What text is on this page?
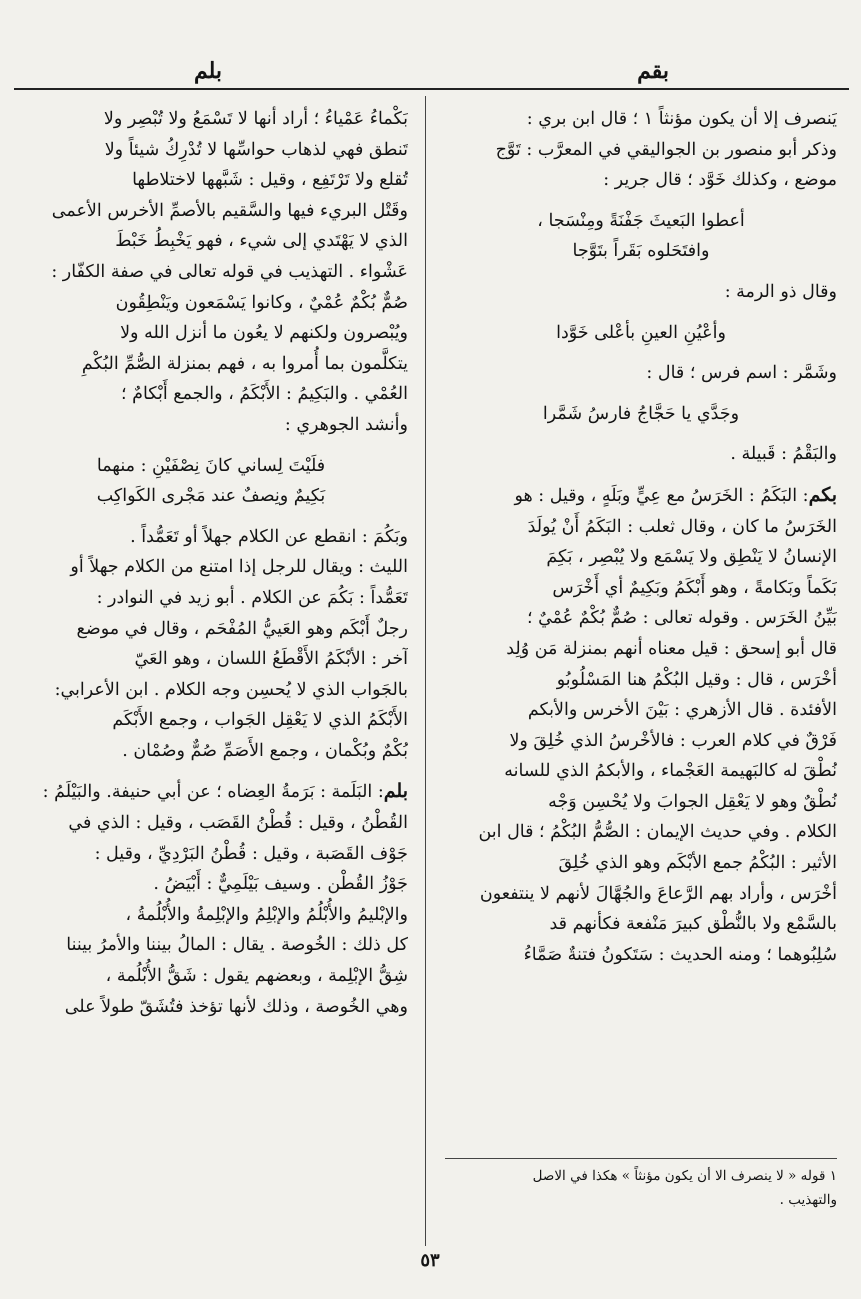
بقم
بلم

يَنصرف إلا أن يكون مؤنثاً ١ ؛ قال ابن بري :

وذكر أبو منصور بن الجواليقي في المعرَّب : تَوَّج

موضع ، وكذلك خَوَّد ؛ قال جرير :

أعطوا البَعيثَ جَفْنَةً ومِنْسَجا ،

وافتَحَلوه بَقَراً بتَوَّجا

وقال ذو الرمة :

وأعْيُنِ العينِ بأعْلى خَوَّدا

وشَمَّر : اسم فرس ؛ قال :

وجَدَّي يا حَجَّاجُ فارسُ شَمَّرا

والبَقْمُ : قَبيلة .

بكم: البَكَمُ : الخَرَسُ مع عِيٍّ وبَلَهٍ ، وقيل : هو

الخَرَسُ ما كان ، وقال ثعلب : البَكَمُ أَنْ يُولَدَ

الإنسانُ لا يَنْطِق ولا يَسْمَع ولا يُبْصِر ، بَكِمَ

بَكَماً وبَكامةً ، وهو أَبْكَمُ وبَكِيمٌ أي أَخْرَس

بَيِّنُ الخَرَس . وقوله تعالى : صُمٌّ بُكْمٌ عُمْيٌ ؛

قال أبو إسحق : قيل معناه أنهم بمنزلة مَن وُلِد

أخْرَس ، قال : وقيل البُكْمُ هنا المَسْلُوبُو

الأفئدة . قال الأزهري : بَيْنَ الأخرس والأبكم

فَرْقٌ في كلام العرب : فالأخْرسُ الذي خُلِقَ ولا

نُطْقَ له كالبَهيمة العَجْماء ، والأبكمُ الذي للسانه

نُطْقٌ وهو لا يَعْقِل الجوابَ ولا يُحْسِن وَجْه

الكلام . وفي حديث الإيمان : الصُّمُّ البُكْمُ ؛ قال ابن

الأثير : البُكْمُ جمع الأبْكَم وهو الذي خُلِقَ

أخْرَس ، وأراد بهم الرَّعاعَ والجُهَّالَ لأنهم لا ينتفعون

بالسَّمْع ولا بالنُّطْق كبيرَ مَنْفعة فكأنهم قد

سُلِبُوهما ؛ ومنه الحديث : سَتَكونُ فتنةٌ صَمَّاءُ

١ قوله « لا ينصرف الا أن يكون مؤنثاً » هكذا في الاصل

والتهذيب .

بَكْماءُ عَمْياءُ ؛ أراد أنها لا تَسْمَعُ ولا تُبْصِر ولا

تَنطق فهي لذهاب حواسِّها لا تُدْرِكُ شيئاً ولا

تُقلع ولا تَرْتَفِع ، وقيل : شَبَّهها لاختلاطها

وقَتْل البريء فيها والسَّقيم بالأصمِّ الأخرس الأعمى

الذي لا يَهْتَدي إلى شيء ، فهو يَخْبِطُ خَبْطَ

عَشْواء . التهذيب في قوله تعالى في صفة الكفّار :

صُمٌّ بُكْمٌ عُمْيٌ ، وكانوا يَسْمَعون ويَنْطِقُون

ويُبْصرون ولكنهم لا يعُون ما أنزل الله ولا

يتكلَّمون بما أُمروا به ، فهم بمنزلة الصُّمِّ البُكْمِ

العُمْي . والبَكِيمُ : الأَبْكَمُ ، والجمع أَبْكامٌ ؛

وأنشد الجوهري :

فلَيْتَ لِساني كانَ نِصْفَيْنِ : منهما

بَكِيمٌ ونِصفٌ عند مَجْرى الكَواكِب

وبَكُمَ : انقطع عن الكلام جهلاً أو تَعَمُّداً .

الليث : ويقال للرجل إذا امتنع من الكلام جهلاً أو

تَعَمُّداً : بَكُمَ عن الكلام . أبو زيد في النوادر :

رجلٌ أَبْكَم وهو العَييُّ المُفْحَم ، وقال في موضع

آخر : الأبْكَمُ الأَقْطَعُ اللسان ، وهو العَيّ

بالجَواب الذي لا يُحسِن وجه الكلام . ابن الأعرابي:

الأَبْكَمُ الذي لا يَعْقِل الجَواب ، وجمع الأَبْكَم

بُكْمٌ وبُكْمان ، وجمع الأَصَمِّ صُمٌّ وصُمْان .

بلم: البَلَمة : بَرَمةُ العِضاه ؛ عن أبي حنيفة. والبَيْلَمُ :

القُطْنُ ، وقيل : قُطْنُ القَصَب ، وقيل : الذي في

جَوْف القَصَبة ، وقيل : قُطْنُ البَرْدِيِّ ، وقيل :

جَوْزُ القُطْن . وسيف بَيْلَمِيٌّ : أَبْيَضُ .

والإبْليمُ والأُبْلُمُ والإبْلِمُ والإبْلِمةُ والأُبْلُمةُ ،

كل ذلك : الخُوصة . يقال : المالُ بيننا والأمرُ بيننا

شِقُّ الإبْلِمة ، وبعضهم يقول : شَقُّ الأُبْلُمة ،

وهي الخُوصة ، وذلك لأنها تؤخذ فتُشَقّ طولاً على

٥٣
